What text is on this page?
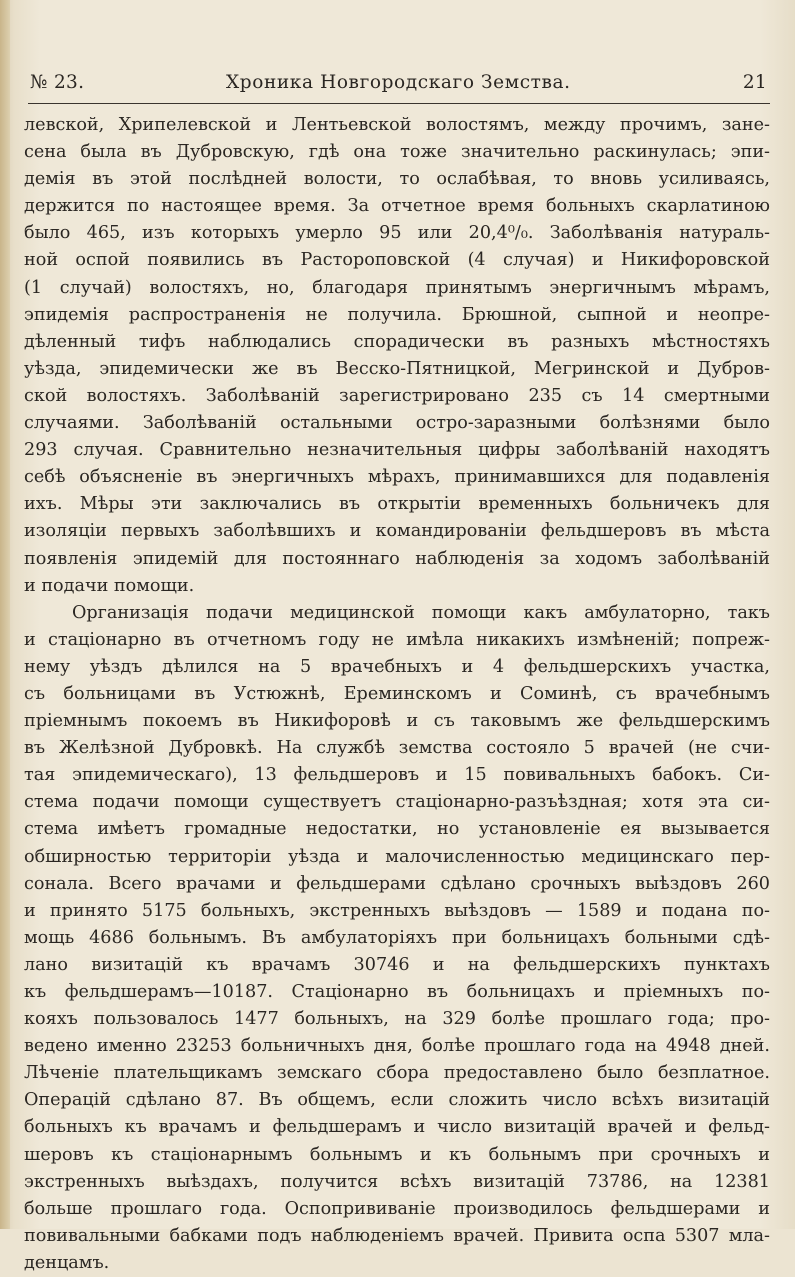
№ 23.	Хроника Новгородскаго Земства.	21
левской, Хрипелевской и Лентьевской волостямъ, между прочимъ, зане-
сена была въ Дубровскую, гдѣ она тоже значительно раскинулась; эпи-
демія въ этой послѣдней волости, то ослабѣвая, то вновь усиливаясь,
держится по настоящее время. За отчетное время больныхъ скарлатиною
было 465, изъ которыхъ умерло 95 или 20,4⁰/₀. Заболѣванія натураль-
ной оспой появились въ Растороповской (4 случая) и Никифоровской
(1 случай) волостяхъ, но, благодаря принятымъ энергичнымъ мѣрамъ,
эпидемія распространенія не получила. Брюшной, сыпной и неопре-
дѣленный тифъ наблюдались спорадически въ разныхъ мѣстностяхъ
уѣзда, эпидемически же въ Весско-Пятницкой, Мегринской и Дубров-
ской волостяхъ. Заболѣваній зарегистрировано 235 съ 14 смертными
случаями. Заболѣваній остальными остро-заразными болѣзнями было
293 случая. Сравнительно незначительныя цифры заболѣваній находятъ
себѣ объясненіе въ энергичныхъ мѣрахъ, принимавшихся для подавленія
ихъ. Мѣры эти заключались въ открытіи временныхъ больничекъ для
изоляціи первыхъ заболѣвшихъ и командированіи фельдшеровъ въ мѣста
появленія эпидемій для постояннаго наблюденія за ходомъ заболѣваній
и подачи помощи.
Организація подачи медицинской помощи какъ амбулаторно, такъ
и стаціонарно въ отчетномъ году не имѣла никакихъ измѣненій; попреж-
нему уѣздъ дѣлился на 5 врачебныхъ и 4 фельдшерскихъ участка,
съ больницами въ Устюжнѣ, Ереминскомъ и Соминѣ, съ врачебнымъ
пріемнымъ покоемъ въ Никифоровѣ и съ таковымъ же фельдшерскимъ
въ Желѣзной Дубровкѣ. На службѣ земства состояло 5 врачей (не счи-
тая эпидемическаго), 13 фельдшеровъ и 15 повивальныхъ бабокъ. Си-
стема подачи помощи существуетъ стаціонарно-разъѣздная; хотя эта си-
стема имѣетъ громадные недостатки, но установленіе ея вызывается
обширностью территоріи уѣзда и малочисленностью медицинскаго пер-
сонала. Всего врачами и фельдшерами сдѣлано срочныхъ выѣздовъ 260
и принято 5175 больныхъ, экстренныхъ выѣздовъ — 1589 и подана по-
мощь 4686 больнымъ. Въ амбулаторіяхъ при больницахъ больными сдѣ-
лано визитацій къ врачамъ 30746 и на фельдшерскихъ пунктахъ
къ фельдшерамъ—10187. Стаціонарно въ больницахъ и пріемныхъ по-
кояхъ пользовалось 1477 больныхъ, на 329 болѣе прошлаго года; про-
ведено именно 23253 больничныхъ дня, болѣе прошлаго года на 4948 дней.
Лѣченіе плательщикамъ земскаго сбора предоставлено было безплатное.
Операцій сдѣлано 87. Въ общемъ, если сложить число всѣхъ визитацій
больныхъ къ врачамъ и фельдшерамъ и число визитацій врачей и фельд-
шеровъ къ стаціонарнымъ больнымъ и къ больнымъ при срочныхъ и
экстренныхъ выѣздахъ, получится всѣхъ визитацій 73786, на 12381
больше прошлаго года. Оспопрививаніе производилось фельдшерами и
повивальными бабками подъ наблюденіемъ врачей. Привита оспа 5307 мла-
денцамъ.
